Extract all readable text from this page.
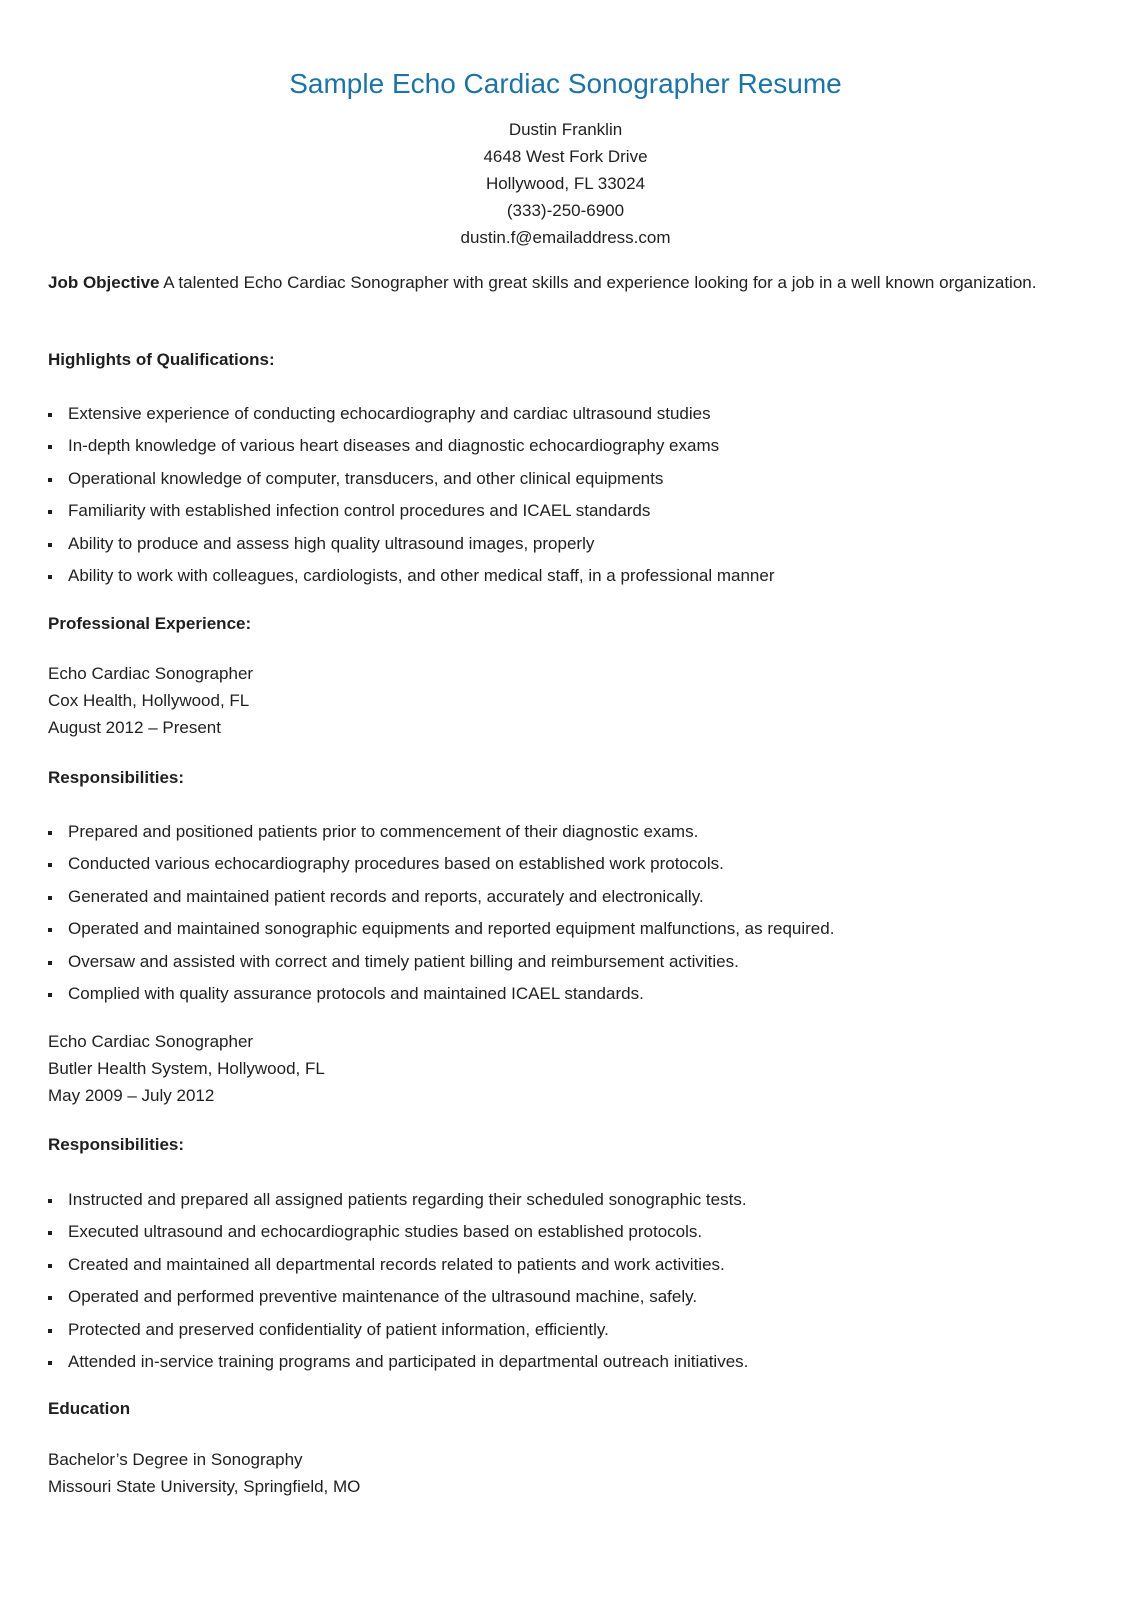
Sample Echo Cardiac Sonographer Resume
Dustin Franklin
4648 West Fork Drive
Hollywood, FL 33024
(333)-250-6900
dustin.f@emailaddress.com
Job Objective A talented Echo Cardiac Sonographer with great skills and experience looking for a job in a well known organization.
Highlights of Qualifications:
Extensive experience of conducting echocardiography and cardiac ultrasound studies
In-depth knowledge of various heart diseases and diagnostic echocardiography exams
Operational knowledge of computer, transducers, and other clinical equipments
Familiarity with established infection control procedures and ICAEL standards
Ability to produce and assess high quality ultrasound images, properly
Ability to work with colleagues, cardiologists, and other medical staff, in a professional manner
Professional Experience:
Echo Cardiac Sonographer
Cox Health, Hollywood, FL
August 2012 – Present
Responsibilities:
Prepared and positioned patients prior to commencement of their diagnostic exams.
Conducted various echocardiography procedures based on established work protocols.
Generated and maintained patient records and reports, accurately and electronically.
Operated and maintained sonographic equipments and reported equipment malfunctions, as required.
Oversaw and assisted with correct and timely patient billing and reimbursement activities.
Complied with quality assurance protocols and maintained ICAEL standards.
Echo Cardiac Sonographer
Butler Health System, Hollywood, FL
May 2009 – July 2012
Responsibilities:
Instructed and prepared all assigned patients regarding their scheduled sonographic tests.
Executed ultrasound and echocardiographic studies based on established protocols.
Created and maintained all departmental records related to patients and work activities.
Operated and performed preventive maintenance of the ultrasound machine, safely.
Protected and preserved confidentiality of patient information, efficiently.
Attended in-service training programs and participated in departmental outreach initiatives.
Education
Bachelor’s Degree in Sonography
Missouri State University, Springfield, MO
